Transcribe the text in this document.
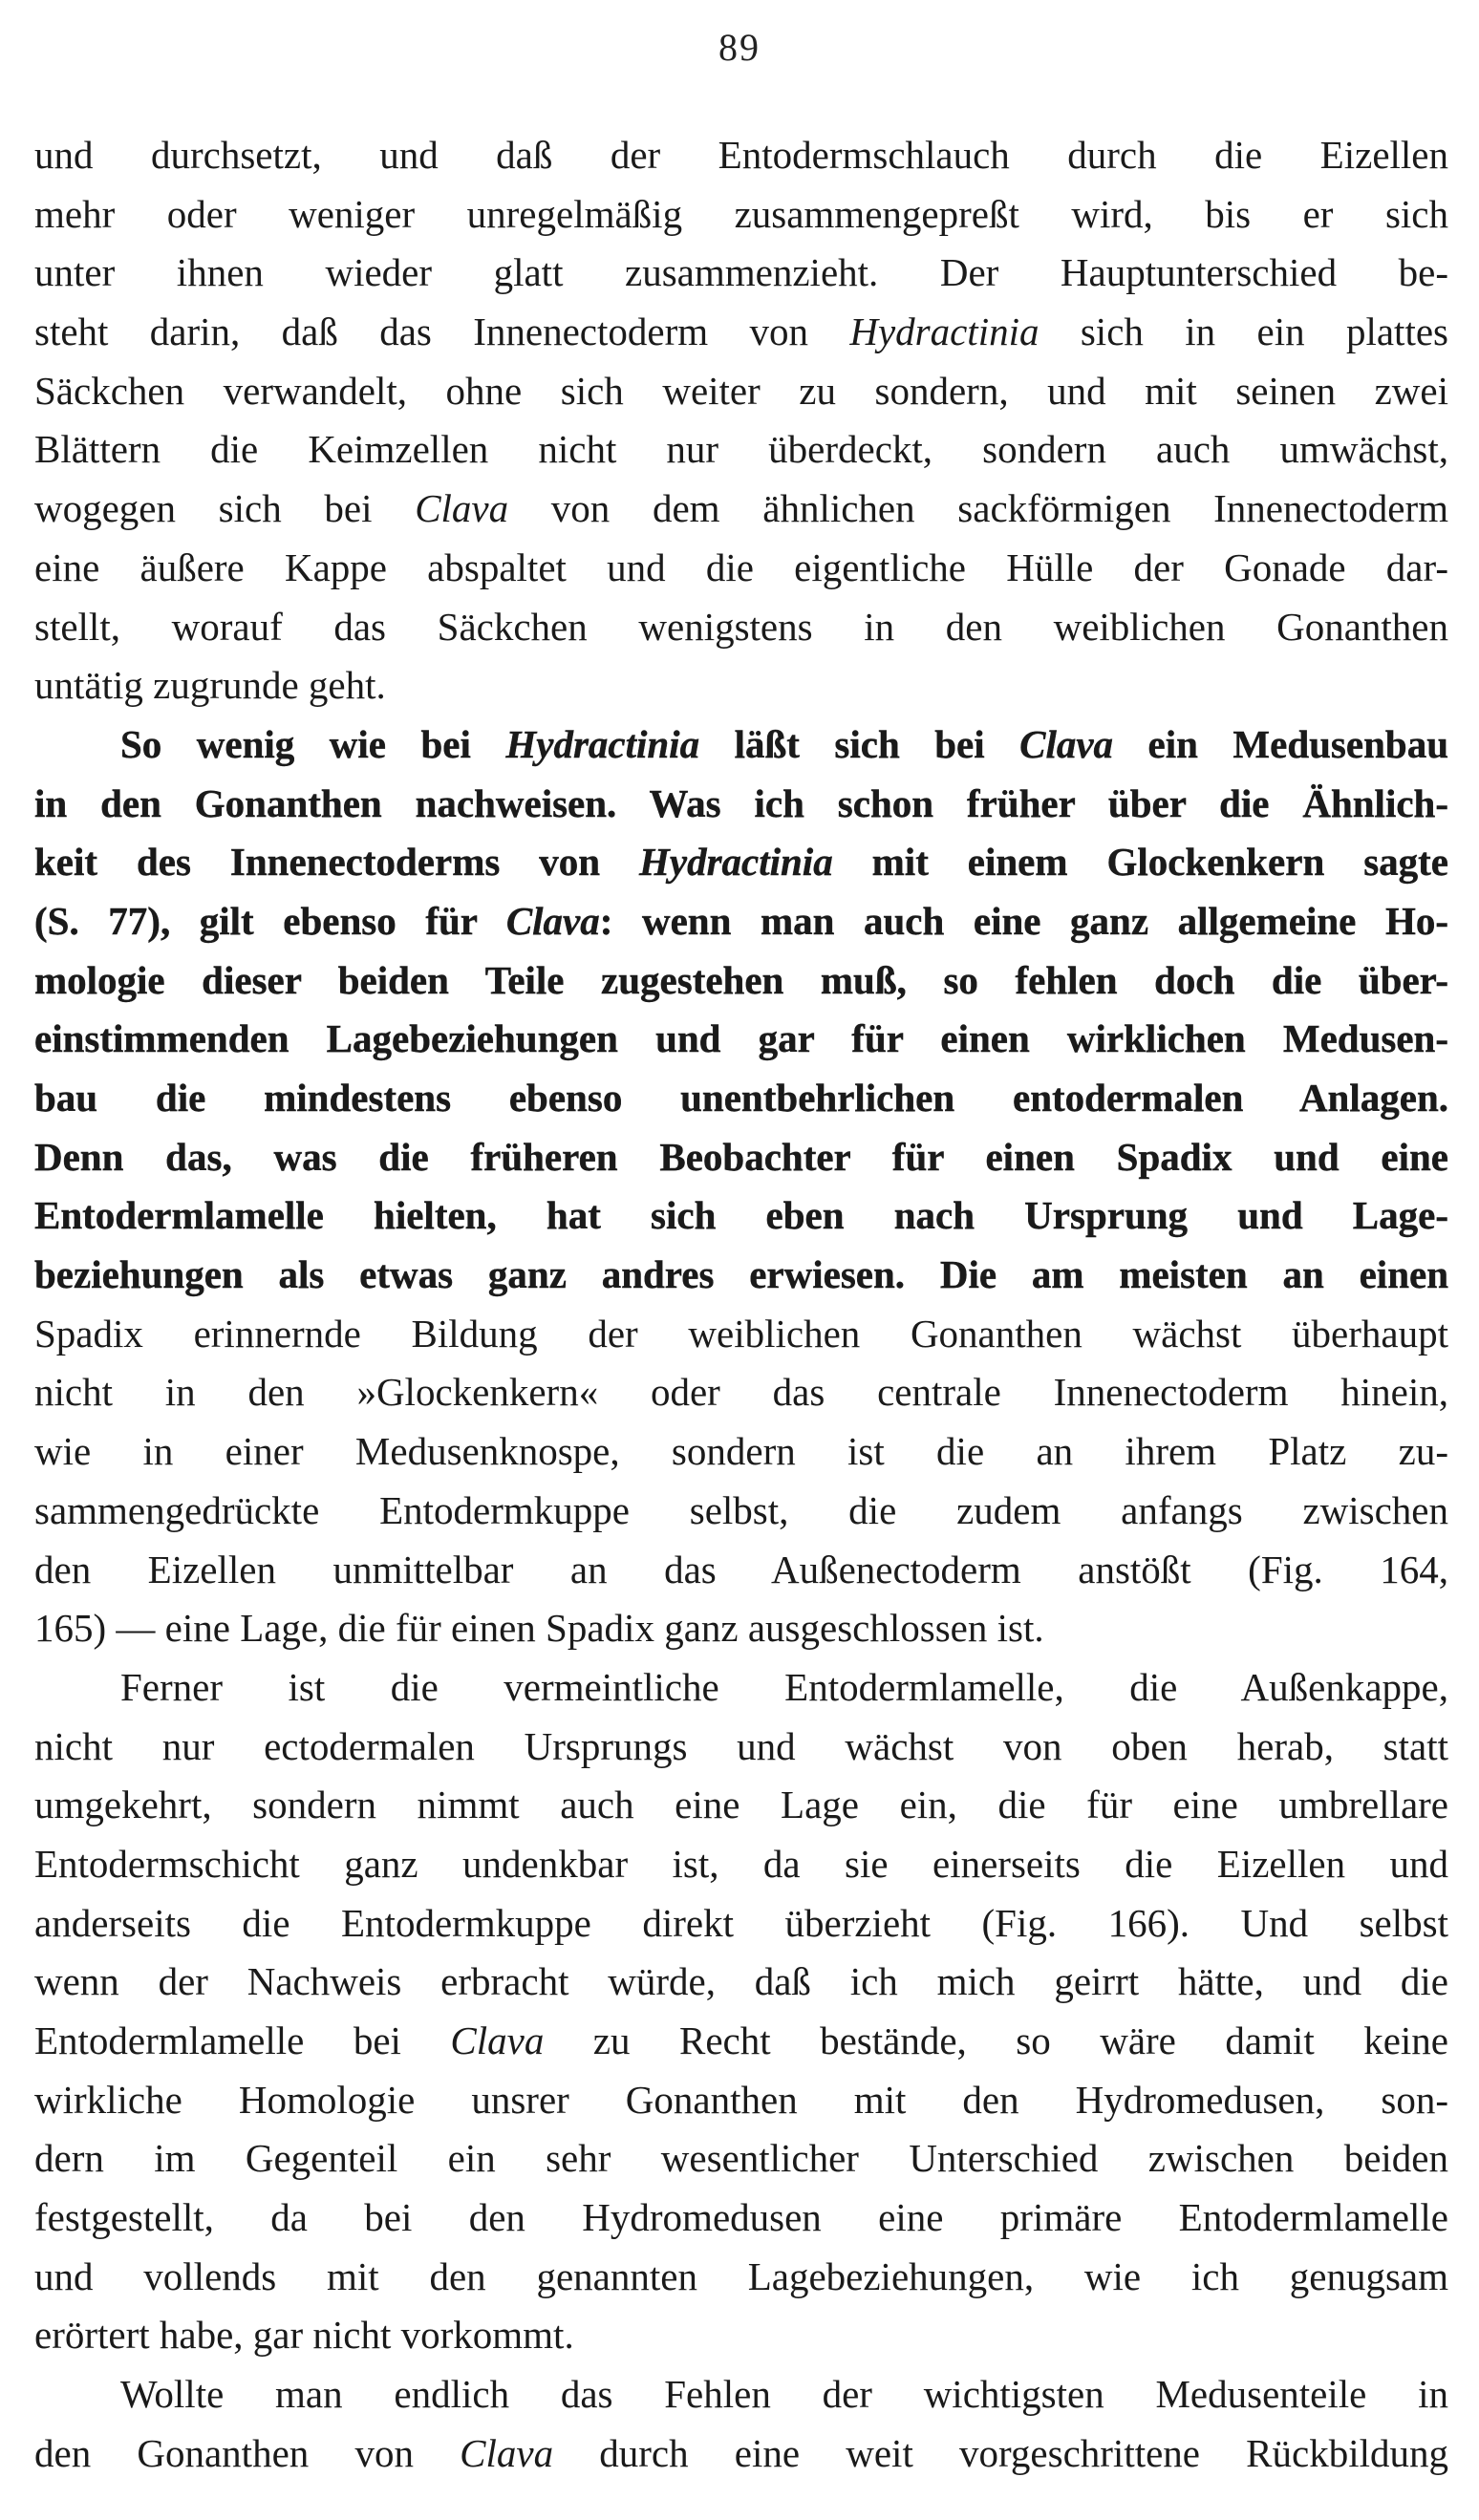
89
und durchsetzt, und daß der Entodermschlauch durch die Eizellen
mehr oder weniger unregelmäßig zusammengepreßt wird, bis er sich
unter ihnen wieder glatt zusammenzieht. Der Hauptunterschied be-
steht darin, daß das Innenectoderm von Hydractinia sich in ein plattes
Säckchen verwandelt, ohne sich weiter zu sondern, und mit seinen zwei
Blättern die Keimzellen nicht nur überdeckt, sondern auch umwächst,
wogegen sich bei Clava von dem ähnlichen sackförmigen Innenectoderm
eine äußere Kappe abspaltet und die eigentliche Hülle der Gonade dar-
stellt, worauf das Säckchen wenigstens in den weiblichen Gonanthen
untätig zugrunde geht.
So wenig wie bei Hydractinia läßt sich bei Clava ein Medusenbau
in den Gonanthen nachweisen. Was ich schon früher über die Ähnlich-
keit des Innenectoderms von Hydractinia mit einem Glockenkern sagte
(S. 77), gilt ebenso für Clava: wenn man auch eine ganz allgemeine Ho-
mologie dieser beiden Teile zugestehen muß, so fehlen doch die über-
einstimmenden Lagebeziehungen und gar für einen wirklichen Medusen-
bau die mindestens ebenso unentbehrlichen entodermalen Anlagen.
Denn das, was die früheren Beobachter für einen Spadix und eine
Entodermlamelle hielten, hat sich eben nach Ursprung und Lage-
beziehungen als etwas ganz andres erwiesen. Die am meisten an einen
Spadix erinnernde Bildung der weiblichen Gonanthen wächst überhaupt
nicht in den »Glockenkern« oder das centrale Innenectoderm hinein,
wie in einer Medusenknospe, sondern ist die an ihrem Platz zu-
sammengedrückte Entodermkuppe selbst, die zudem anfangs zwischen
den Eizellen unmittelbar an das Außenectoderm anstößt (Fig. 164,
165) — eine Lage, die für einen Spadix ganz ausgeschlossen ist.
Ferner ist die vermeintliche Entodermlamelle, die Außenkappe,
nicht nur ectodermalen Ursprungs und wächst von oben herab, statt
umgekehrt, sondern nimmt auch eine Lage ein, die für eine umbrellare
Entodermschicht ganz undenkbar ist, da sie einerseits die Eizellen und
anderseits die Entodermkuppe direkt überzieht (Fig. 166). Und selbst
wenn der Nachweis erbracht würde, daß ich mich geirrt hätte, und die
Entodermlamelle bei Clava zu Recht bestände, so wäre damit keine
wirkliche Homologie unsrer Gonanthen mit den Hydromedusen, son-
dern im Gegenteil ein sehr wesentlicher Unterschied zwischen beiden
festgestellt, da bei den Hydromedusen eine primäre Entodermlamelle
und vollends mit den genannten Lagebeziehungen, wie ich genugsam
erörtert habe, gar nicht vorkommt.
Wollte man endlich das Fehlen der wichtigsten Medusenteile in
den Gonanthen von Clava durch eine weit vorgeschrittene Rückbildung
